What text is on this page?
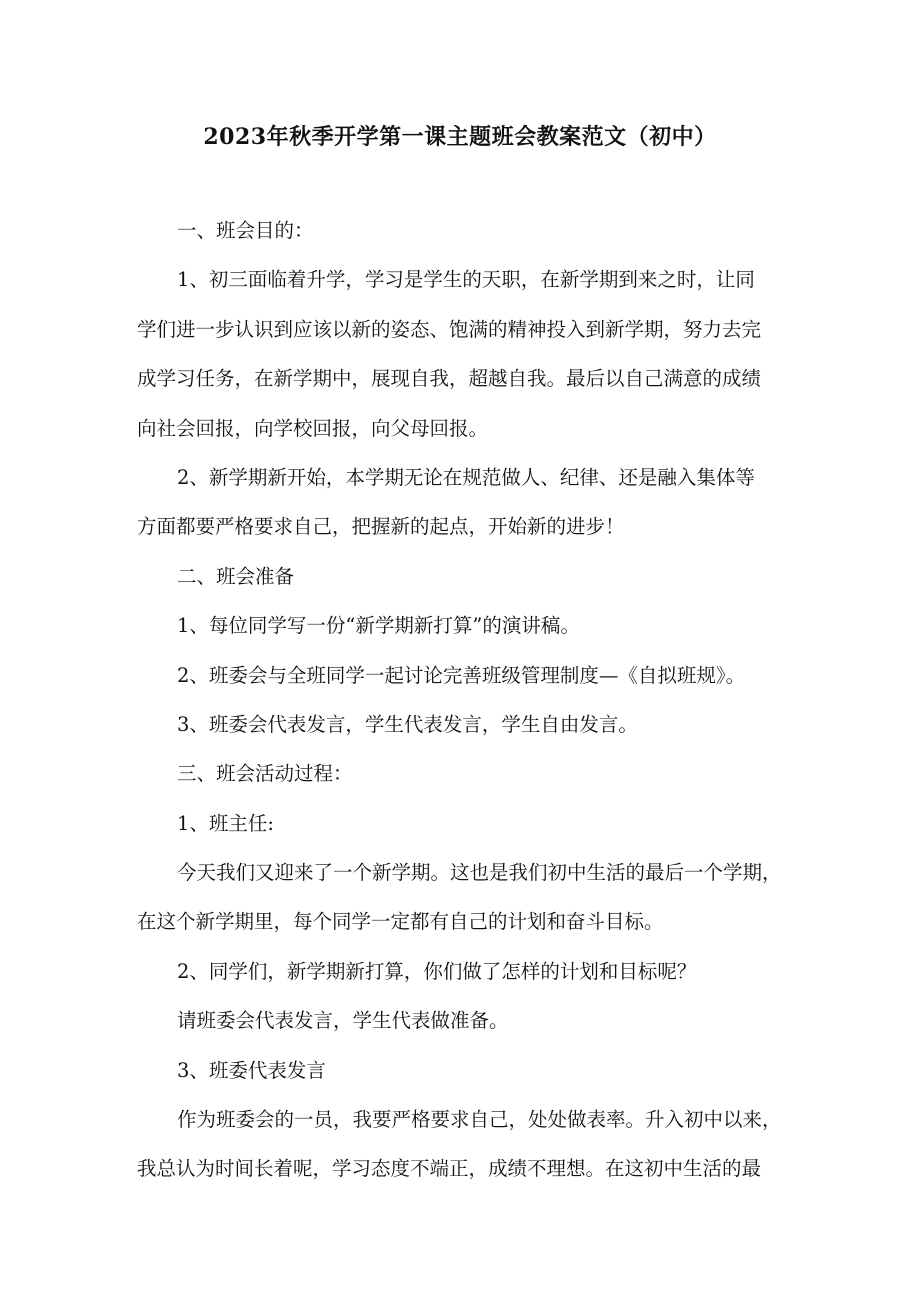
2023年秋季开学第一课主题班会教案范文（初中）
一、班会目的：
1、初三面临着升学，学习是学生的天职，在新学期到来之时，让同
学们进一步认识到应该以新的姿态、饱满的精神投入到新学期，努力去完
成学习任务，在新学期中，展现自我，超越自我。最后以自己满意的成绩
向社会回报，向学校回报，向父母回报。
2、新学期新开始，本学期无论在规范做人、纪律、还是融入集体等
方面都要严格要求自己，把握新的起点，开始新的进步！
二、班会准备
1、每位同学写一份“新学期新打算”的演讲稿。
2、班委会与全班同学一起讨论完善班级管理制度—《自拟班规》。
3、班委会代表发言，学生代表发言，学生自由发言。
三、班会活动过程：
1、班主任:
今天我们又迎来了一个新学期。这也是我们初中生活的最后一个学期，
在这个新学期里，每个同学一定都有自己的计划和奋斗目标。
2、同学们，新学期新打算，你们做了怎样的计划和目标呢？
请班委会代表发言，学生代表做准备。
3、班委代表发言
作为班委会的一员，我要严格要求自己，处处做表率。升入初中以来，
我总认为时间长着呢，学习态度不端正，成绩不理想。在这初中生活的最
